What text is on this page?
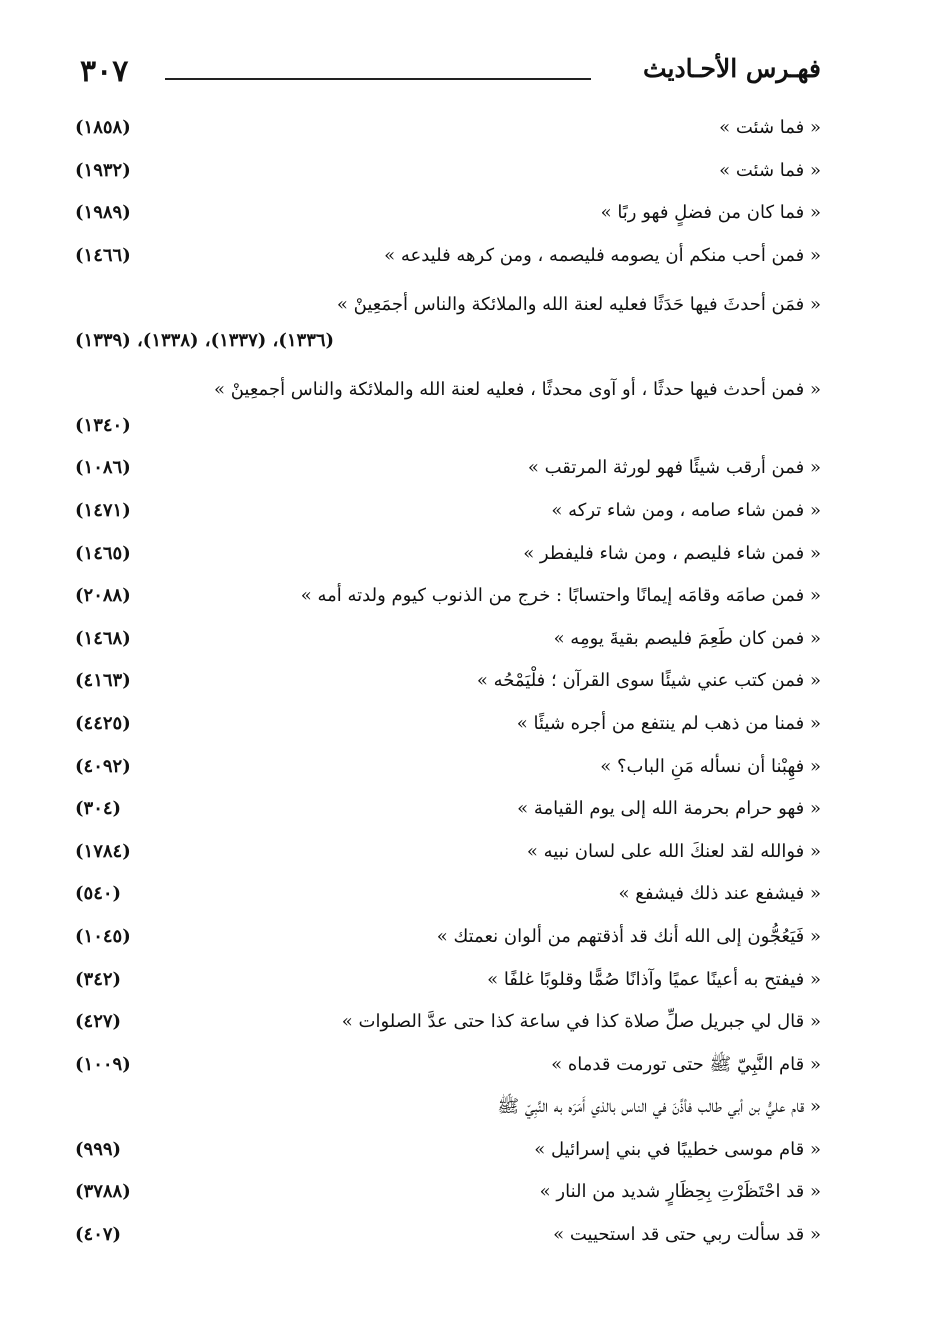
٣٠٧	فهـرس الأحـاديث
« فما شئت »
(١٨٥٨)
« فما شئت »
(١٩٣٢)
« فما كان من فضلٍ فهو ربًا »
(١٩٨٩)
« فمن أحب منكم أن يصومه فليصمه ، ومن كرهه فليدعه »
(١٤٦٦)
« فمَن أحدثَ فيها حَدَثًا فعليه لعنة الله والملائكة والناس أجمَعِينْ »
(١٣٣٦)، (١٣٣٧)، (١٣٣٨)، (١٣٣٩)
« فمن أحدث فيها حدثًا ، أو آوى محدثًا ، فعليه لعنة الله والملائكة والناس أجمعِينْ »
(١٣٤٠)
« فمن أرقب شيئًا فهو لورثة المرتقب »
(١٠٨٦)
« فمن شاء صامه ، ومن شاء تركه »
(١٤٧١)
« فمن شاء فليصم ، ومن شاء فليفطر »
(١٤٦٥)
« فمن صامَه وقامَه إيمانًا واحتسابًا : خرج من الذنوب كيوم ولدته أمه »
(٢٠٨٨)
« فمن كان طَعِمَ فليصم بقيةَ يومِه »
(١٤٦٨)
« فمن كتب عني شيئًا سوى القرآن ؛ فلْيَمْحُه »
(٤١٦٣)
« فمنا من ذهب لم ينتفع من أجره شيئًا »
(٤٤٢٥)
« فهِبْنا أن نسأله مَنِ الباب؟ »
(٤٠٩٢)
« فهو حرام بحرمة الله إلى يوم القيامة »
(٣٠٤)
« فوالله لقد لعنكَ الله على لسان نبيه »
(١٧٨٤)
« فيشفع عند ذلك فيشفع »
(٥٤٠)
« فَيَعُجُّون إلى الله أنك قد أذقتهم من ألوان نعمتك »
(١٠٤٥)
« فيفتح به أعينًا عميًا وآذانًا صُمًّا وقلوبًا غلفًا »
(٣٤٢)
« قال لي جبريل صلِّ صلاة كذا في ساعة كذا حتى عدَّ الصلوات »
(٤٢٧)
« قام النَّبِيّ ﷺ حتى تورمت قدماه »
(١٠٠٩)
« قام عليُّ بن أبي طالب فأذَّنَ في الناس بالذي أَمَرَه به النَّبِيّ ﷺ
« قام موسى خطيبًا في بني إسرائيل »
(٩٩٩)
« قد احْتَظَرْتِ بِحِظَارٍ شديد من النار »
(٣٧٨٨)
« قد سألت ربي حتى قد استحييت »
(٤٠٧)
